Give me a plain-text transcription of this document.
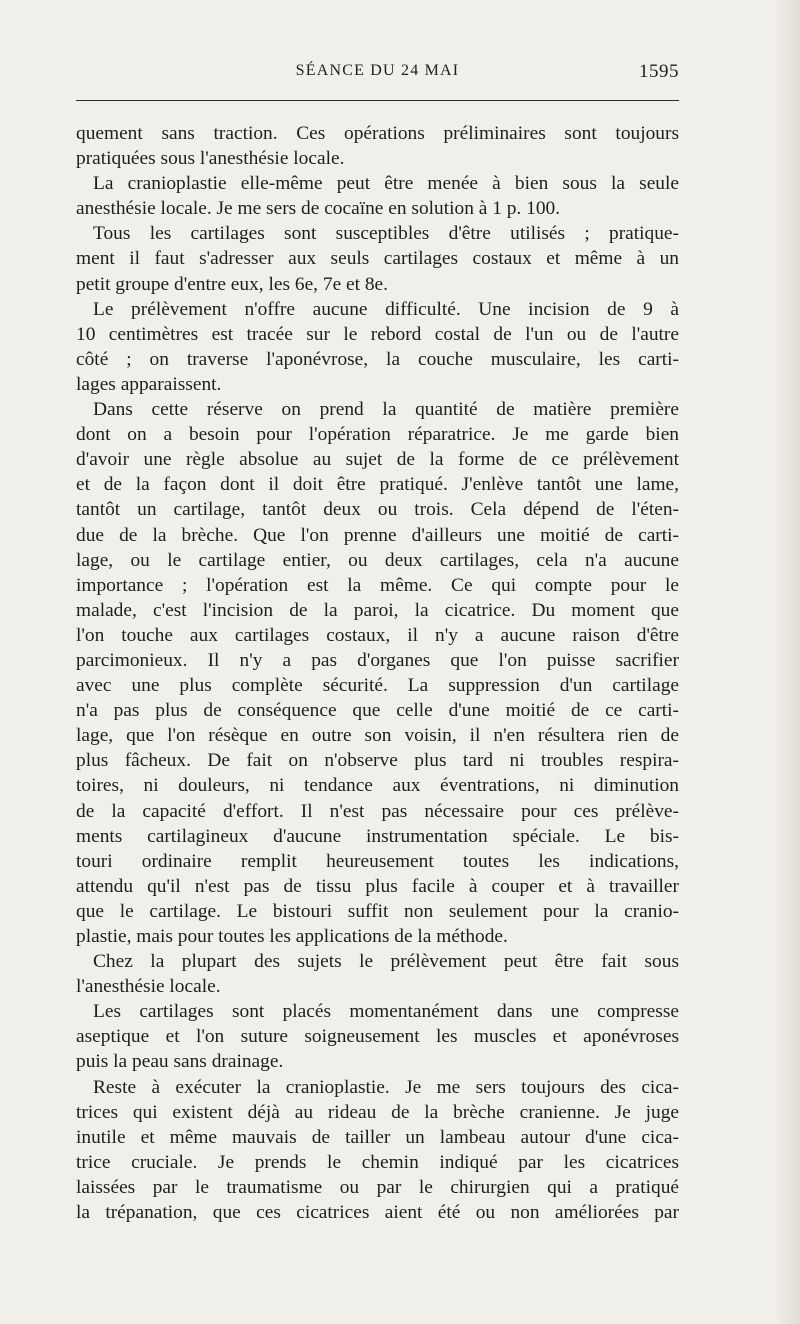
SÉANCE DU 24 MAI	1595
quement sans traction. Ces opérations préliminaires sont toujours
pratiquées sous l'anesthésie locale.
La cranioplastie elle-même peut être menée à bien sous la seule
anesthésie locale. Je me sers de cocaïne en solution à 1 p. 100.
Tous les cartilages sont susceptibles d'être utilisés ; pratique-
ment il faut s'adresser aux seuls cartilages costaux et même à un
petit groupe d'entre eux, les 6e, 7e et 8e.
Le prélèvement n'offre aucune difficulté. Une incision de 9 à
10 centimètres est tracée sur le rebord costal de l'un ou de l'autre
côté ; on traverse l'aponévrose, la couche musculaire, les carti-
lages apparaissent.
Dans cette réserve on prend la quantité de matière première
dont on a besoin pour l'opération réparatrice. Je me garde bien
d'avoir une règle absolue au sujet de la forme de ce prélèvement
et de la façon dont il doit être pratiqué. J'enlève tantôt une lame,
tantôt un cartilage, tantôt deux ou trois. Cela dépend de l'éten-
due de la brèche. Que l'on prenne d'ailleurs une moitié de carti-
lage, ou le cartilage entier, ou deux cartilages, cela n'a aucune
importance ; l'opération est la même. Ce qui compte pour le
malade, c'est l'incision de la paroi, la cicatrice. Du moment que
l'on touche aux cartilages costaux, il n'y a aucune raison d'être
parcimonieux. Il n'y a pas d'organes que l'on puisse sacrifier
avec une plus complète sécurité. La suppression d'un cartilage
n'a pas plus de conséquence que celle d'une moitié de ce carti-
lage, que l'on résèque en outre son voisin, il n'en résultera rien de
plus fâcheux. De fait on n'observe plus tard ni troubles respira-
toires, ni douleurs, ni tendance aux éventrations, ni diminution
de la capacité d'effort. Il n'est pas nécessaire pour ces prélève-
ments cartilagineux d'aucune instrumentation spéciale. Le bis-
touri ordinaire remplit heureusement toutes les indications,
attendu qu'il n'est pas de tissu plus facile à couper et à travailler
que le cartilage. Le bistouri suffit non seulement pour la cranio-
plastie, mais pour toutes les applications de la méthode.
Chez la plupart des sujets le prélèvement peut être fait sous
l'anesthésie locale.
Les cartilages sont placés momentanément dans une compresse
aseptique et l'on suture soigneusement les muscles et aponévroses
puis la peau sans drainage.
Reste à exécuter la cranioplastie. Je me sers toujours des cica-
trices qui existent déjà au rideau de la brèche cranienne. Je juge
inutile et même mauvais de tailler un lambeau autour d'une cica-
trice cruciale. Je prends le chemin indiqué par les cicatrices
laissées par le traumatisme ou par le chirurgien qui a pratiqué
la trépanation, que ces cicatrices aient été ou non améliorées par
